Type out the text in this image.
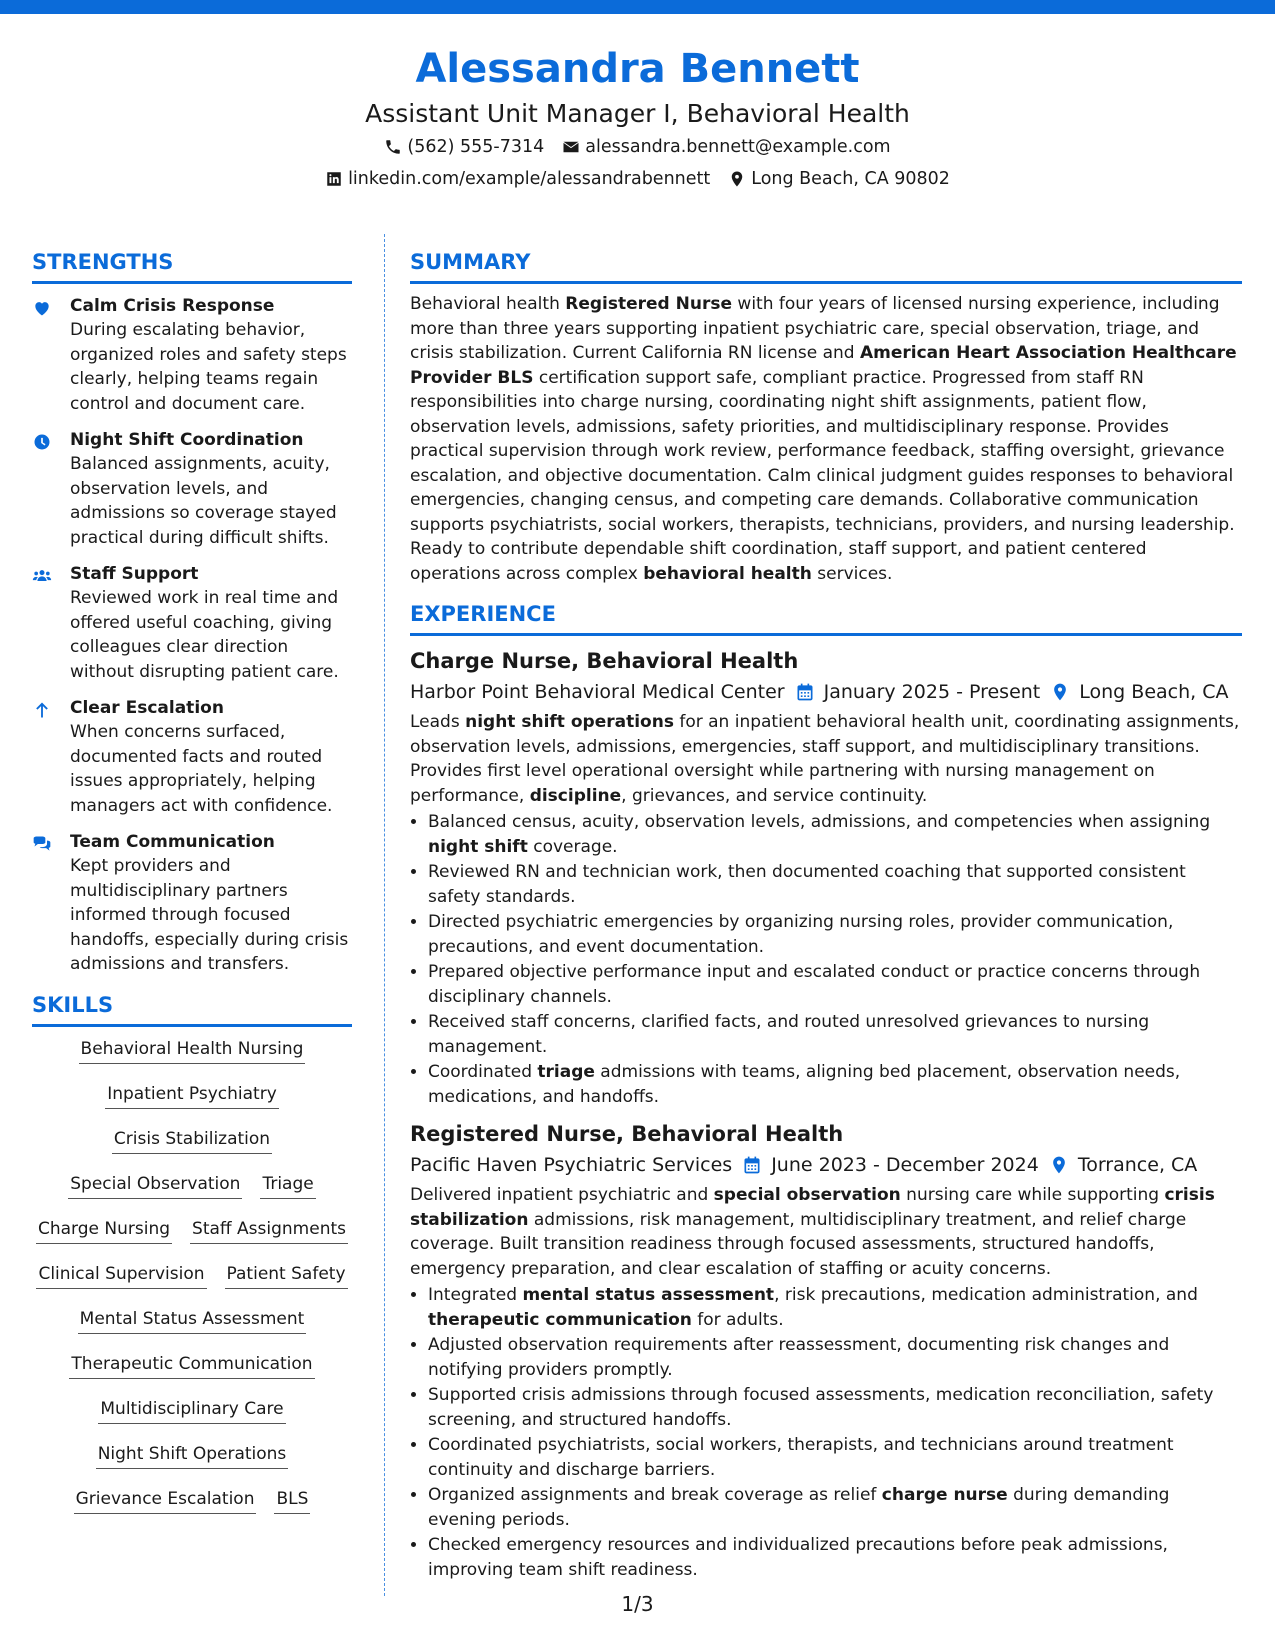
Alessandra Bennett
Assistant Unit Manager I, Behavioral Health
(562) 555-7314 alessandra.bennett@example.com
linkedin.com/example/alessandrabennett Long Beach, CA 90802
STRENGTHS
Calm Crisis Response
During escalating behavior, organized roles and safety steps clearly, helping teams regain control and document care.
Night Shift Coordination
Balanced assignments, acuity, observation levels, and admissions so coverage stayed practical during difficult shifts.
Staff Support
Reviewed work in real time and offered useful coaching, giving colleagues clear direction without disrupting patient care.
Clear Escalation
When concerns surfaced, documented facts and routed issues appropriately, helping managers act with confidence.
Team Communication
Kept providers and multidisciplinary partners informed through focused handoffs, especially during crisis admissions and transfers.
SKILLS
Behavioral Health Nursing
Inpatient Psychiatry
Crisis Stabilization
Special Observation Triage
Charge Nursing Staff Assignments
Clinical Supervision Patient Safety
Mental Status Assessment
Therapeutic Communication
Multidisciplinary Care
Night Shift Operations
Grievance Escalation BLS
SUMMARY
Behavioral health Registered Nurse with four years of licensed nursing experience, including more than three years supporting inpatient psychiatric care, special observation, triage, and crisis stabilization. Current California RN license and American Heart Association Healthcare Provider BLS certification support safe, compliant practice. Progressed from staff RN responsibilities into charge nursing, coordinating night shift assignments, patient flow, observation levels, admissions, safety priorities, and multidisciplinary response. Provides practical supervision through work review, performance feedback, staffing oversight, grievance escalation, and objective documentation. Calm clinical judgment guides responses to behavioral emergencies, changing census, and competing care demands. Collaborative communication supports psychiatrists, social workers, therapists, technicians, providers, and nursing leadership. Ready to contribute dependable shift coordination, staff support, and patient centered operations across complex behavioral health services.
EXPERIENCE
Charge Nurse, Behavioral Health
Harbor Point Behavioral Medical Center January 2025 - Present Long Beach, CA
Leads night shift operations for an inpatient behavioral health unit, coordinating assignments, observation levels, admissions, emergencies, staff support, and multidisciplinary transitions. Provides first level operational oversight while partnering with nursing management on performance, discipline, grievances, and service continuity.
• Balanced census, acuity, observation levels, admissions, and competencies when assigning night shift coverage.
• Reviewed RN and technician work, then documented coaching that supported consistent safety standards.
• Directed psychiatric emergencies by organizing nursing roles, provider communication, precautions, and event documentation.
• Prepared objective performance input and escalated conduct or practice concerns through disciplinary channels.
• Received staff concerns, clarified facts, and routed unresolved grievances to nursing management.
• Coordinated triage admissions with teams, aligning bed placement, observation needs, medications, and handoffs.
Registered Nurse, Behavioral Health
Pacific Haven Psychiatric Services June 2023 - December 2024 Torrance, CA
Delivered inpatient psychiatric and special observation nursing care while supporting crisis stabilization admissions, risk management, multidisciplinary treatment, and relief charge coverage. Built transition readiness through focused assessments, structured handoffs, emergency preparation, and clear escalation of staffing or acuity concerns.
• Integrated mental status assessment, risk precautions, medication administration, and therapeutic communication for adults.
• Adjusted observation requirements after reassessment, documenting risk changes and notifying providers promptly.
• Supported crisis admissions through focused assessments, medication reconciliation, safety screening, and structured handoffs.
• Coordinated psychiatrists, social workers, therapists, and technicians around treatment continuity and discharge barriers.
• Organized assignments and break coverage as relief charge nurse during demanding evening periods.
• Checked emergency resources and individualized precautions before peak admissions, improving team shift readiness.
1/3
